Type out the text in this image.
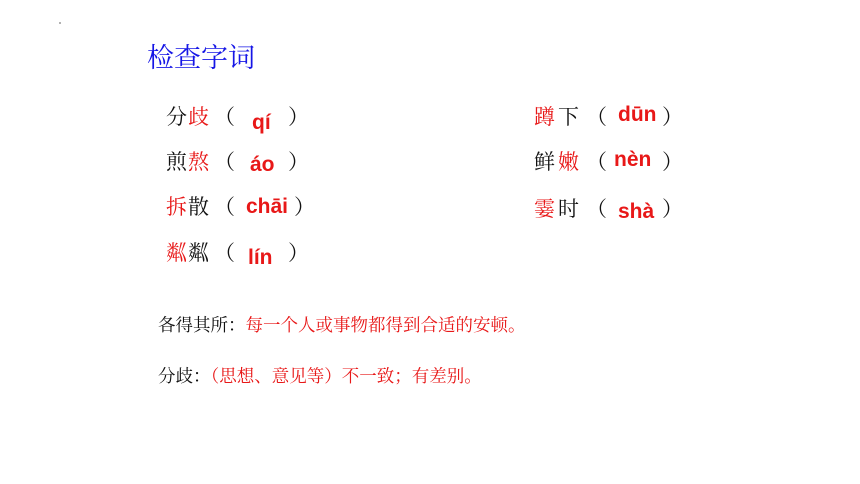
检查字词
分 歧 （ qí ）
煎 熬 （ áo ）
拆 散 （ chāi ）
粼 粼 （ lín ）
蹲 下 （ dūn ）
鲜 嫩 （ nèn ）
霎 时 （ shà ）
各得其所：每一个人或事物都得到合适的安顿。
分歧：（思想、意见等）不一致；有差别。
